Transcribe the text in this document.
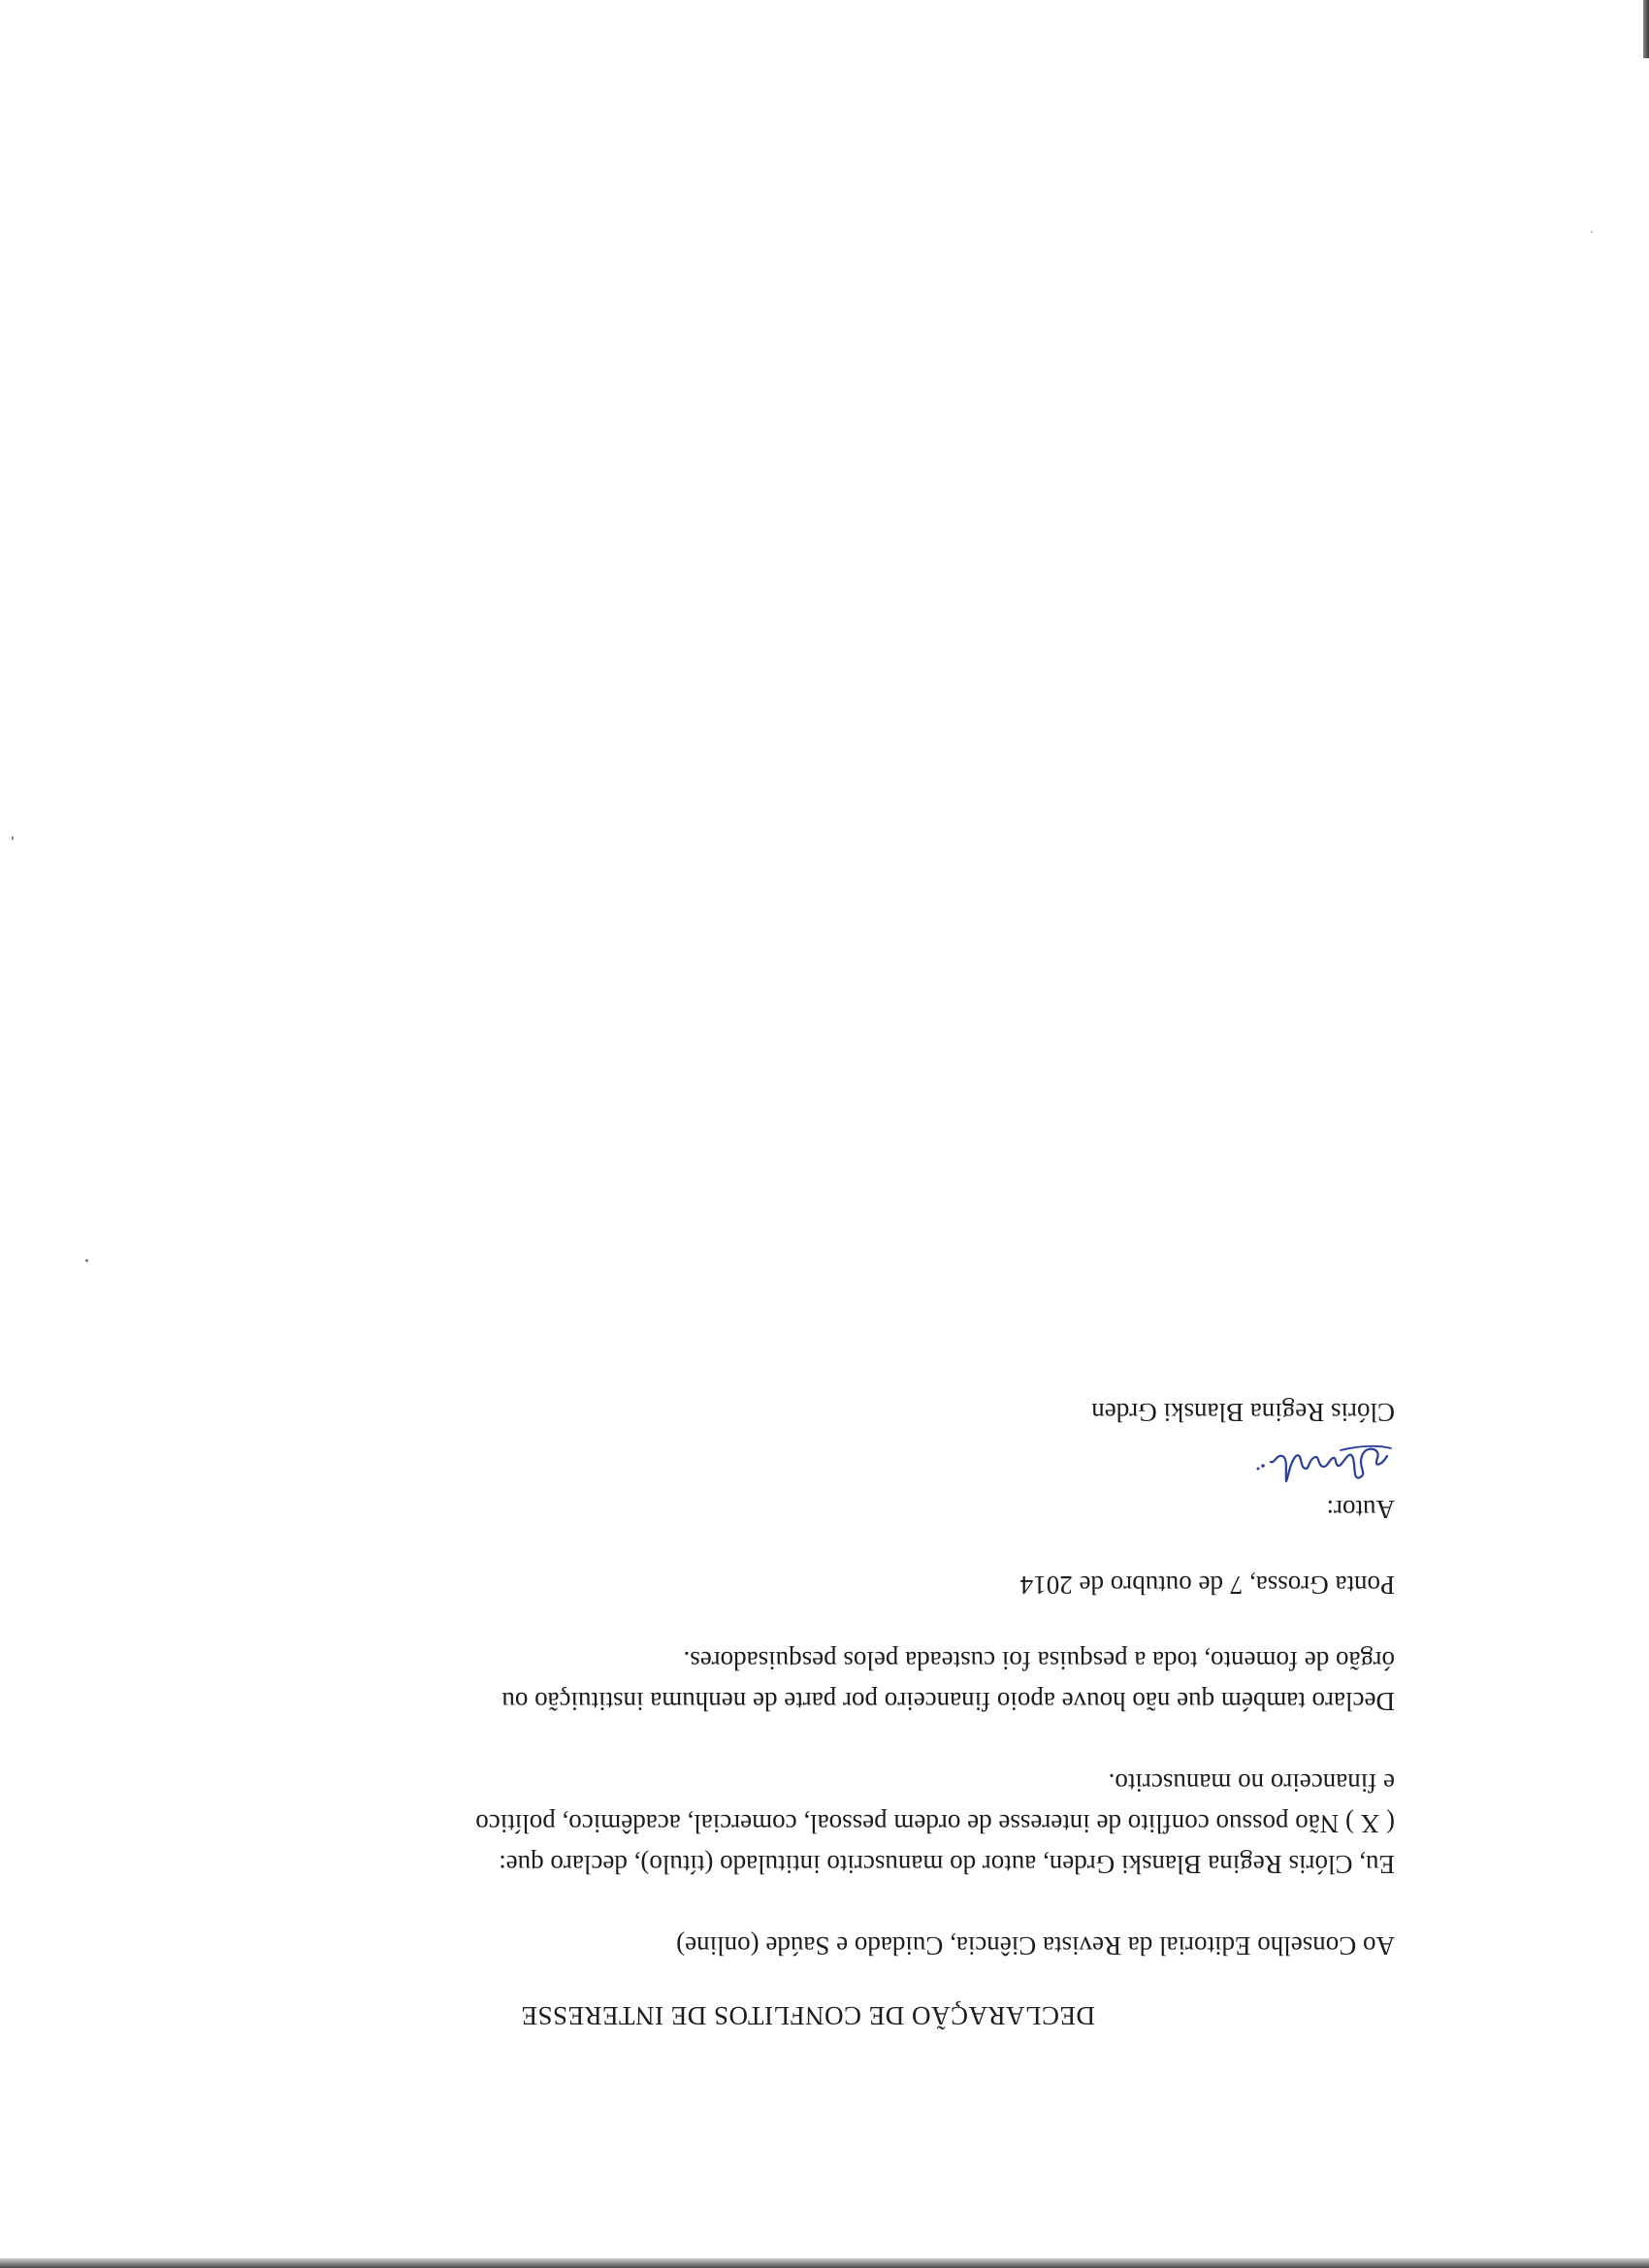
DECLARAÇÃO DE CONFLITOS DE INTERESSE

Ao Conselho Editorial da Revista Ciência, Cuidado e Saúde (online)

Eu, Clóris Regina Blanski Grden, autor do manuscrito intitulado (título), declaro que:

( X ) Não possuo conflito de interesse de ordem pessoal, comercial, acadêmico, político

e financeiro no manuscrito.

Declaro também que não houve apoio financeiro por parte de nenhuma instituição ou

órgão de fomento, toda a pesquisa foi custeada pelos pesquisadores.

Ponta Grossa, 7 de outubro de 2014

Autor:

Clóris Regina Blanski Grden
